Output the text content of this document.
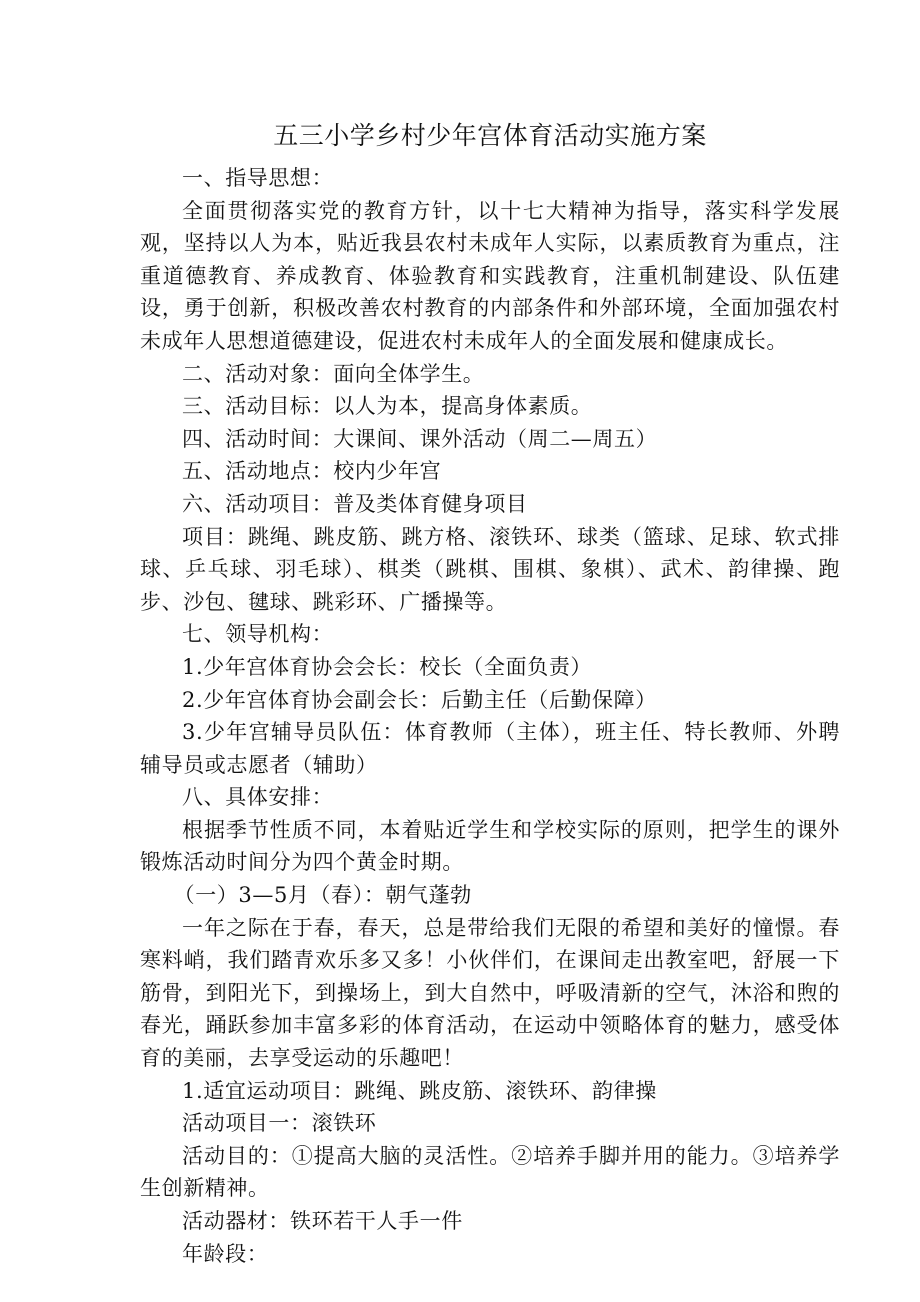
五三小学乡村少年宫体育活动实施方案

一、指导思想：

全面贯彻落实党的教育方针，以十七大精神为指导，落实科学发展观，坚持以人为本，贴近我县农村未成年人实际，以素质教育为重点，注重道德教育、养成教育、体验教育和实践教育，注重机制建设、队伍建设，勇于创新，积极改善农村教育的内部条件和外部环境，全面加强农村未成年人思想道德建设，促进农村未成年人的全面发展和健康成长。

二、活动对象：面向全体学生。

三、活动目标：以人为本，提高身体素质。

四、活动时间：大课间、课外活动（周二—周五）

五、活动地点：校内少年宫

六、活动项目：普及类体育健身项目

项目：跳绳、跳皮筋、跳方格、滚铁环、球类（篮球、足球、软式排球、乒乓球、羽毛球）、棋类（跳棋、围棋、象棋）、武术、韵律操、跑步、沙包、毽球、跳彩环、广播操等。

七、领导机构：

1.少年宫体育协会会长：校长（全面负责）

2.少年宫体育协会副会长：后勤主任（后勤保障）

3.少年宫辅导员队伍：体育教师（主体），班主任、特长教师、外聘辅导员或志愿者（辅助）

八、具体安排：

根据季节性质不同，本着贴近学生和学校实际的原则，把学生的课外锻炼活动时间分为四个黄金时期。

（一）3—5月（春）：朝气蓬勃

一年之际在于春，春天，总是带给我们无限的希望和美好的憧憬。春寒料峭，我们踏青欢乐多又多！小伙伴们，在课间走出教室吧，舒展一下筋骨，到阳光下，到操场上，到大自然中，呼吸清新的空气，沐浴和煦的春光，踊跃参加丰富多彩的体育活动，在运动中领略体育的魅力，感受体育的美丽，去享受运动的乐趣吧！

1.适宜运动项目：跳绳、跳皮筋、滚铁环、韵律操

活动项目一：滚铁环

活动目的：①提高大脑的灵活性。②培养手脚并用的能力。③培养学生创新精神。

活动器材：铁环若干人手一件

年龄段：
